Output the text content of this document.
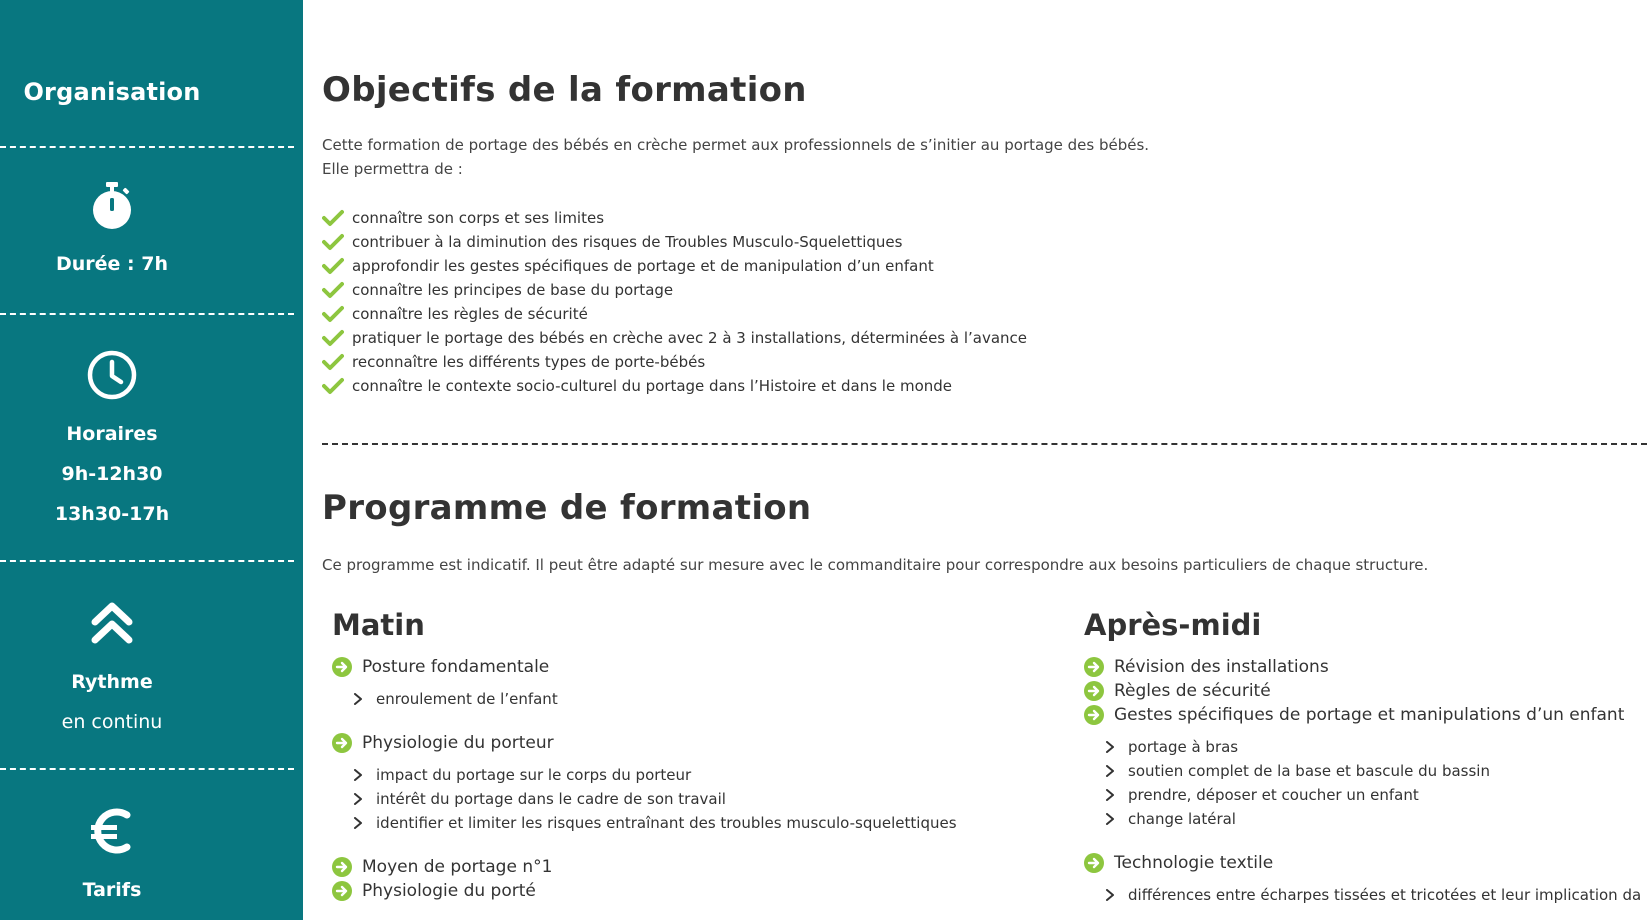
Organisation
Durée : 7h
Horaires
9h-12h30
13h30-17h
Rythme
en continu
Tarifs
Objectifs de la formation
Cette formation de portage des bébés en crèche permet aux professionnels de s’initier au portage des bébés.
Elle permettra de :
connaître son corps et ses limites
contribuer à la diminution des risques de Troubles Musculo-Squelettiques
approfondir les gestes spécifiques de portage et de manipulation d’un enfant
connaître les principes de base du portage
connaître les règles de sécurité
pratiquer le portage des bébés en crèche avec 2 à 3 installations, déterminées à l’avance
reconnaître les différents types de porte-bébés
connaître le contexte socio-culturel du portage dans l’Histoire et dans le monde
Programme de formation
Ce programme est indicatif. Il peut être adapté sur mesure avec le commanditaire pour correspondre aux besoins particuliers de chaque structure.
Matin
Posture fondamentale
enroulement de l’enfant
Physiologie du porteur
impact du portage sur le corps du porteur
intérêt du portage dans le cadre de son travail
identifier et limiter les risques entraînant des troubles musculo-squelettiques
Moyen de portage n°1
Physiologie du porté
Après-midi
Révision des installations
Règles de sécurité
Gestes spécifiques de portage et manipulations d’un enfant
portage à bras
soutien complet de la base et bascule du bassin
prendre, déposer et coucher un enfant
change latéral
Technologie textile
différences entre écharpes tissées et tricotées et leur implication da
